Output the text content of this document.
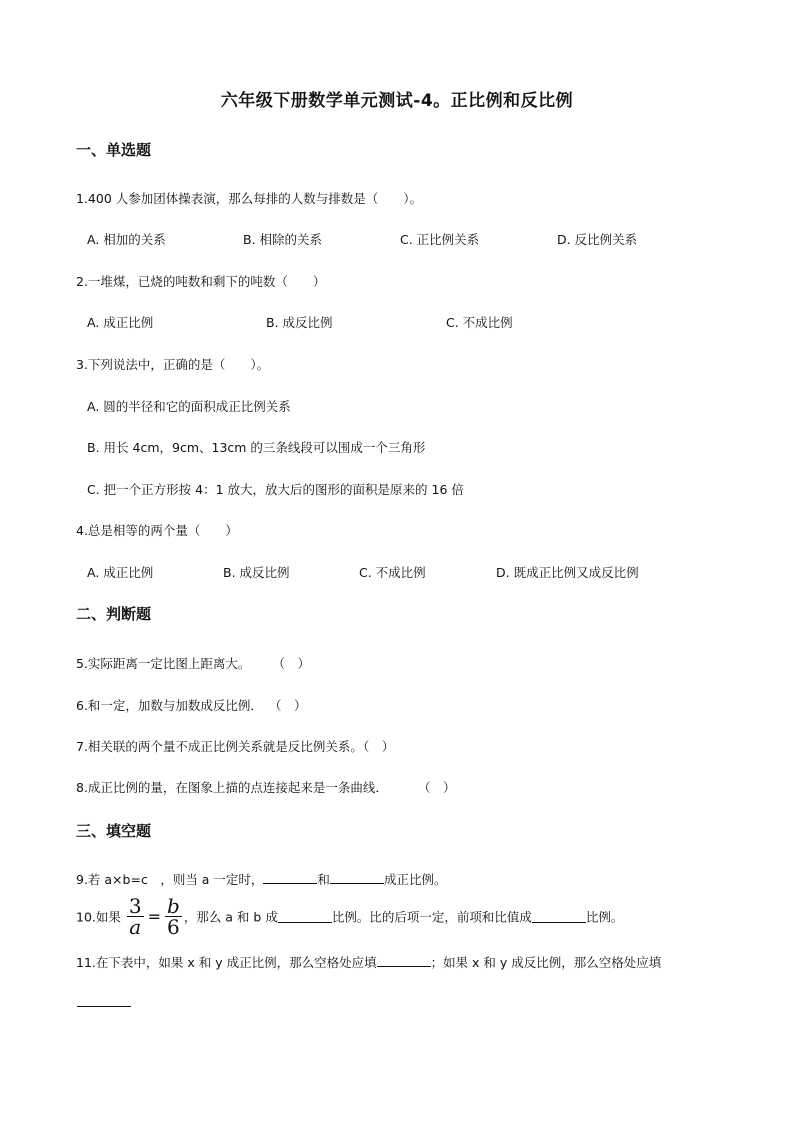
六年级下册数学单元测试-4。正比例和反比例
一、单选题
1.400 人参加团体操表演，那么每排的人数与排数是（　　）。
A. 相加的关系	B. 相除的关系	C. 正比例关系	D. 反比例关系
2.一堆煤，已烧的吨数和剩下的吨数（　　）
A. 成正比例	B. 成反比例	C. 不成比例
3.下列说法中，正确的是（　　）。
A. 圆的半径和它的面积成正比例关系
B. 用长 4cm，9cm、13cm 的三条线段可以围成一个三角形
C. 把一个正方形按 4：1 放大，放大后的图形的面积是原来的 16 倍
4.总是相等的两个量（　　）
A. 成正比例	B. 成反比例	C. 不成比例	D. 既成正比例又成反比例
二、判断题
5.实际距离一定比图上距离大。 （　）
6.和一定，加数与加数成反比例． （　）
7.相关联的两个量不成正比例关系就是反比例关系。（　）
8.成正比例的量，在图象上描的点连接起来是一条曲线． （　）
三、填空题
9.若 a×b=c　，则当 a 一定时，	和	成正比例。
10.如果 $\frac{3}{a} = \frac{b}{6}$ ，那么 a 和 b 成	比例。比的后项一定，前项和比值成	比例。
11.在下表中，如果 x 和 y 成正比例，那么空格处应填	；如果 x 和 y 成反比例，那么空格处应填
